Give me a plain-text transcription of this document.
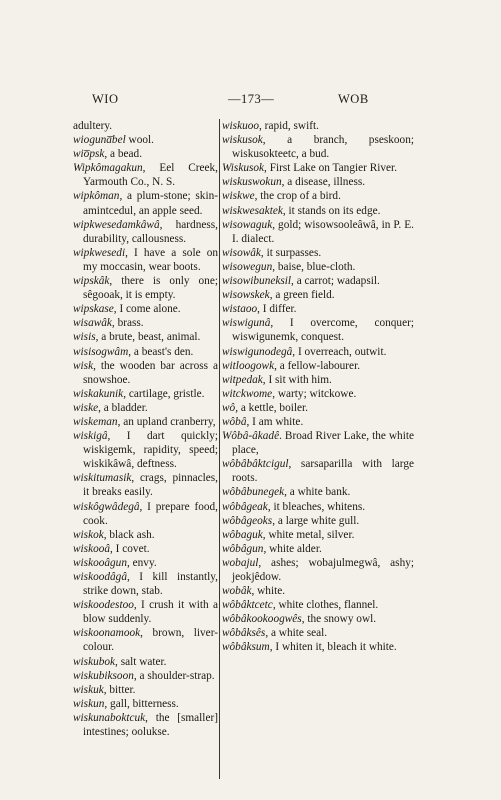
WIO	—173—	WOB

adultery.

wioguna̅bel wool.

wio̅psk, a bead.

Wipkômagakun, Eel Creek, Yarmouth Co., N. S.

wipkôman, a plum-stone; skin-amintcedul, an apple seed.

wipkwesedamkâwâ, hardness, durability, callousness.

wipkwesedi, I have a sole on my moccasin, wear boots.

wipskâk, there is only one; sêgooak, it is empty.

wipskase, I come alone.

wisawâk, brass.

wisis, a brute, beast, animal.

wisisogwâm, a beast's den.

wisk, the wooden bar across a snowshoe.

wiskakunik, cartilage, gristle.

wiske, a bladder.

wiskeman, an upland cranberry,

wiskigâ, I dart quickly; wiskigemk, rapidity, speed; wiskikâwâ, deftness.

wiskitumasik, crags, pinnacles, it breaks easily.

wiskôgwâdegâ, I prepare food, cook.

wiskok, black ash.

wiskooâ, I covet.

wiskooâgun, envy.

wiskoodâgâ, I kill instantly, strike down, stab.

wiskoodestoo, I crush it with a blow suddenly.

wiskoonamook, brown, liver-colour.

wiskubok, salt water.

wiskubiksoon, a shoulder-strap.

wiskuk, bitter.

wiskun, gall, bitterness.

wiskunaboktcuk, the [smaller] intestines; oolukse.

wiskuoo, rapid, swift.

wiskusok, a branch, pseskoon; wiskusokteetc, a bud.

Wiskusok, First Lake on Tangier River.

wiskuswokun, a disease, illness.

wiskwe, the crop of a bird.

wiskwesaktek, it stands on its edge.

wisowaguk, gold; wisowsooleâwâ, in P. E. I. dialect.

wisowâk, it surpasses.

wisowegun, baise, blue-cloth.

wisowibuneksil, a carrot; wadapsil.

wisowskek, a green field.

wistaoo, I differ.

wiswigunâ, I overcome, conquer; wiswigunemk, conquest.

wiswigunodegâ, I overreach, outwit.

witloogowk, a fellow-labourer.

witpedak, I sit with him.

witckwome, warty; witckowe.

wô, a kettle, boiler.

wôbâ, I am white.

Wôbâ-âkadê. Broad River Lake, the white place,

wôbâbâktcigul, sarsaparilla with large roots.

wôbâbunegek, a white bank.

wôbâgeak, it bleaches, whitens.

wôbâgeoks, a large white gull.

wôbaguk, white metal, silver.

wôbâgun, white alder.

wobajul, ashes; wobajulmegwâ, ashy; jeokjêdow.

wobâk, white.

wôbâktcetc, white clothes, flannel.

wôbâkookoogwês, the snowy owl.

wôbâksês, a white seal.

wôbâksum, I whiten it, bleach it white.
